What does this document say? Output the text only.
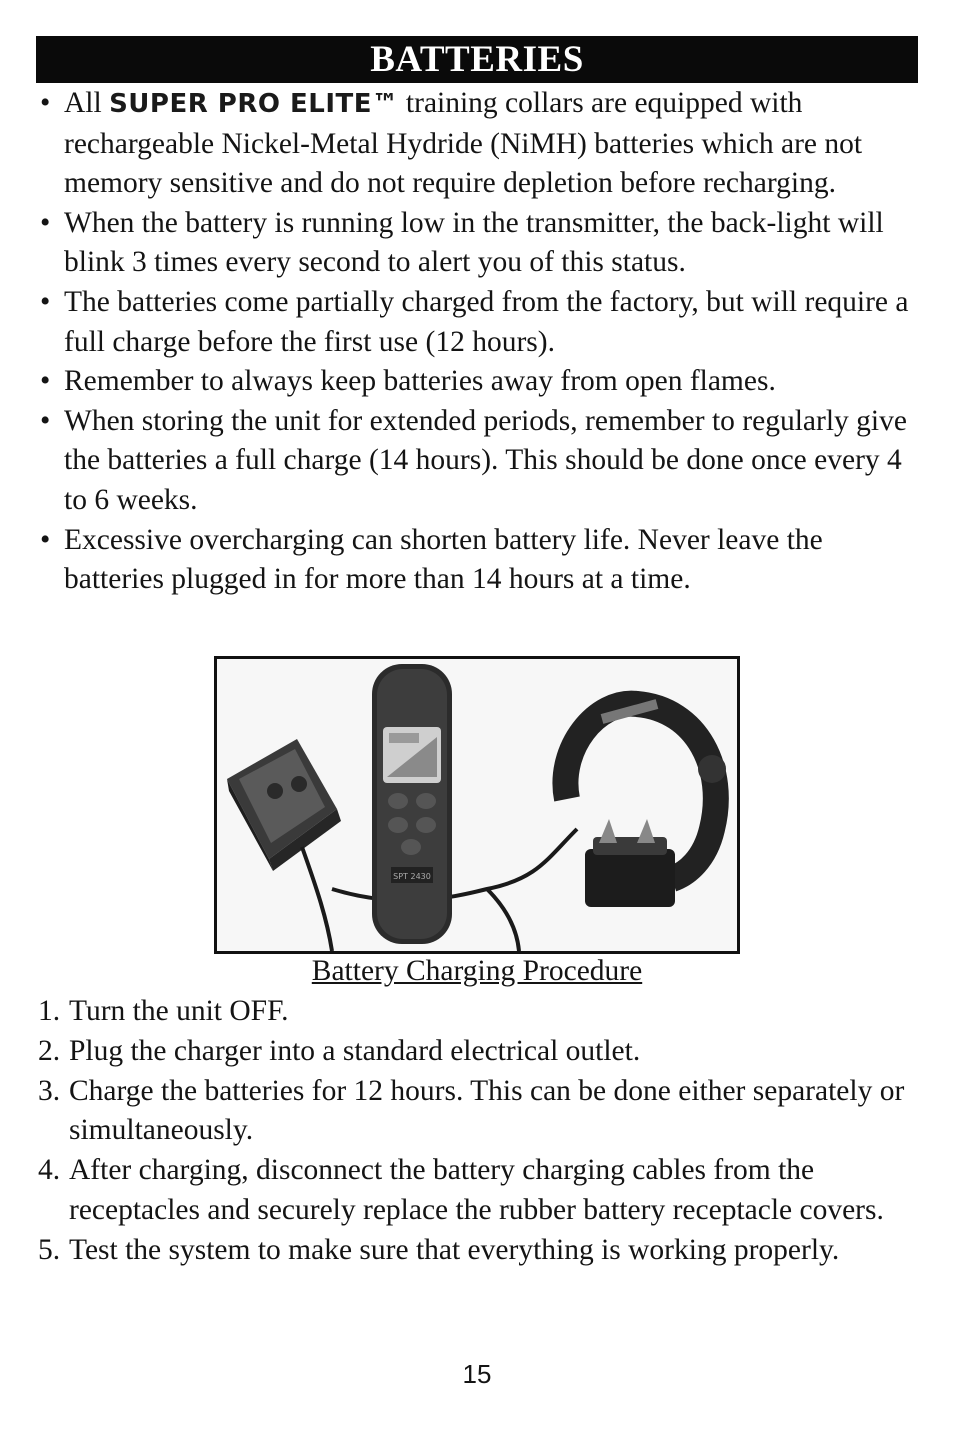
BATTERIES
• All SUPER PRO ELITE™ training collars are equipped with rechargeable Nickel-Metal Hydride (NiMH) batteries which are not memory sensitive and do not require depletion before recharging.
• When the battery is running low in the transmitter, the back-light will blink 3 times every second to alert you of this status.
• The batteries come partially charged from the factory, but will require a full charge before the first use (12 hours).
• Remember to always keep batteries away from open flames.
• When storing the unit for extended periods, remember to regularly give the batteries a full charge (14 hours). This should be done once every 4 to 6 weeks.
• Excessive overcharging can shorten battery life. Never leave the batteries plugged in for more than 14 hours at a time.
SPT 2430
Battery Charging Procedure
1. Turn the unit OFF.
2. Plug the charger into a standard electrical outlet.
3. Charge the batteries for 12 hours. This can be done either separately or simultaneously.
4. After charging, disconnect the battery charging cables from the receptacles and securely replace the rubber battery receptacle covers.
5. Test the system to make sure that everything is working properly.
15
